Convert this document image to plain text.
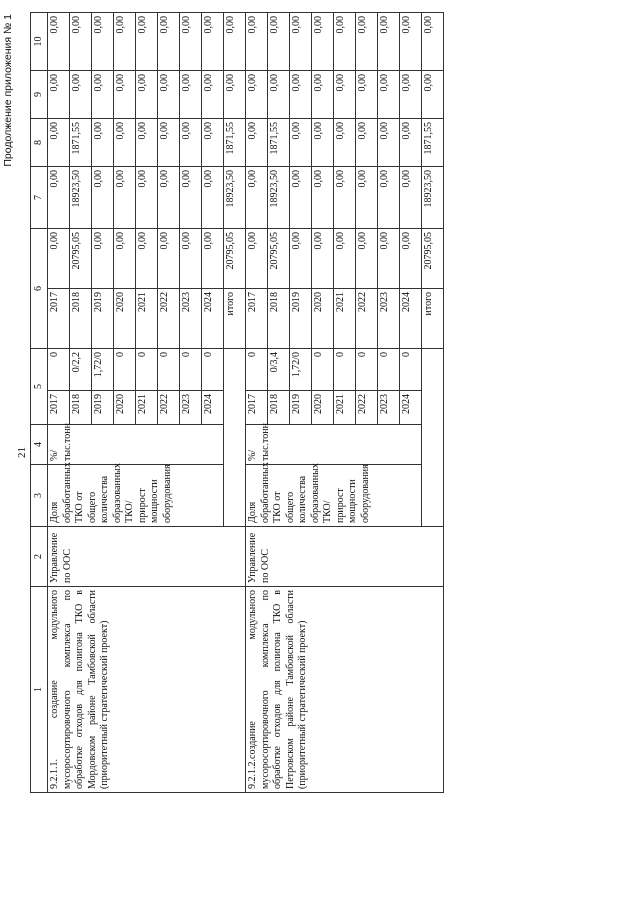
21
Продолжение приложения № 1
1	2	3	4	5		6		7	8	9	10
9.2.1.1. создание модульного мусоросортировочного комплекса по обработке отходов для полигона ТКО в Мордовском районе Тамбовской области (приоритетный стратегический проект)	Управление по ООС	Доля обработанных ТКО от общего количества образованных ТКО/прирост мощности оборудования	%/ тыс.тонн	2017	0	2017	0,00	0,00	0,00	0,00	0,00
				2018	0/2,2	2018	20795,05	18923,50	1871,55	0,00	0,00
				2019	1,72/0	2019	0,00	0,00	0,00	0,00	0,00
				2020	0	2020	0,00	0,00	0,00	0,00	0,00
				2021	0	2021	0,00	0,00	0,00	0,00	0,00
				2022	0	2022	0,00	0,00	0,00	0,00	0,00
				2023	0	2023	0,00	0,00	0,00	0,00	0,00
				2024	0	2024	0,00	0,00	0,00	0,00	0,00
						итого	20795,05	18923,50	1871,55	0,00	0,00
9.2.1.2.создание модульного мусоросортировочного комплекса по обработке отходов для полигона ТКО в Петровском районе Тамбовской области (приоритетный стратегический проект)	Управление по ООС	Доля обработанных ТКО от общего количества образованных ТКО/прирост мощности оборудования	%/ тыс.тонн	2017	0	2017	0,00	0,00	0,00	0,00	0,00
				2018	0/3,4	2018	20795,05	18923,50	1871,55	0,00	0,00
				2019	1,72/0	2019	0,00	0,00	0,00	0,00	0,00
				2020	0	2020	0,00	0,00	0,00	0,00	0,00
				2021	0	2021	0,00	0,00	0,00	0,00	0,00
				2022	0	2022	0,00	0,00	0,00	0,00	0,00
				2023	0	2023	0,00	0,00	0,00	0,00	0,00
				2024	0	2024	0,00	0,00	0,00	0,00	0,00
						итого	20795,05	18923,50	1871,55	0,00	0,00
